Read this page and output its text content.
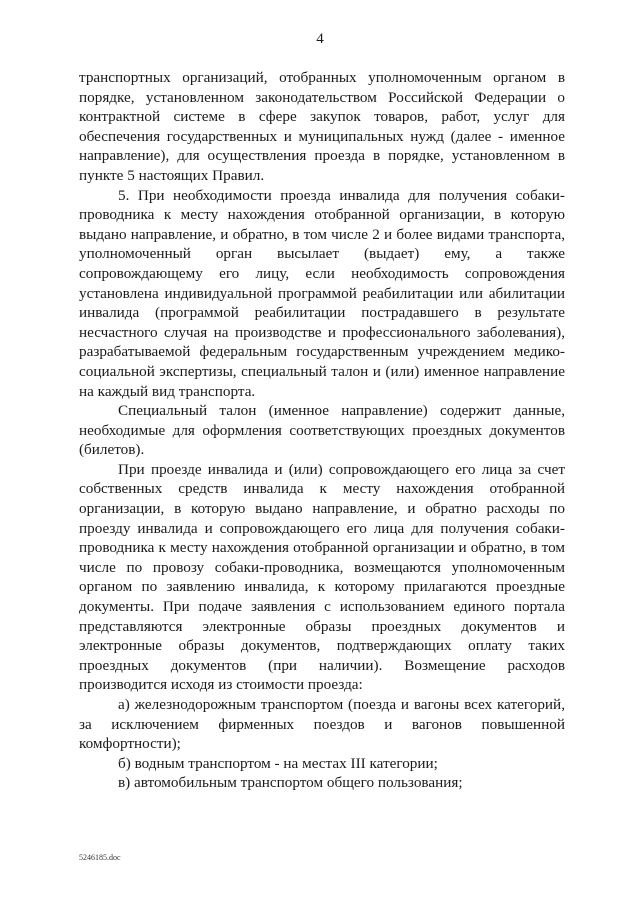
4

транспортных организаций, отобранных уполномоченным органом в порядке, установленном законодательством Российской Федерации о контрактной системе в сфере закупок товаров, работ, услуг для обеспечения государственных и муниципальных нужд (далее - именное направление), для осуществления проезда в порядке, установленном в пункте 5 настоящих Правил.

5. При необходимости проезда инвалида для получения собаки-проводника к месту нахождения отобранной организации, в которую выдано направление, и обратно, в том числе 2 и более видами транспорта, уполномоченный орган высылает (выдает) ему, а также сопровождающему его лицу, если необходимость сопровождения установлена индивидуальной программой реабилитации или абилитации инвалида (программой реабилитации пострадавшего в результате несчастного случая на производстве и профессионального заболевания), разрабатываемой федеральным государственным учреждением медико-социальной экспертизы, специальный талон и (или) именное направление на каждый вид транспорта.

Специальный талон (именное направление) содержит данные, необходимые для оформления соответствующих проездных документов (билетов).

При проезде инвалида и (или) сопровождающего его лица за счет собственных средств инвалида к месту нахождения отобранной организации, в которую выдано направление, и обратно расходы по проезду инвалида и сопровождающего его лица для получения собаки-проводника к месту нахождения отобранной организации и обратно, в том числе по провозу собаки-проводника, возмещаются уполномоченным органом по заявлению инвалида, к которому прилагаются проездные документы. При подаче заявления с использованием единого портала представляются электронные образы проездных документов и электронные образы документов, подтверждающих оплату таких проездных документов (при наличии). Возмещение расходов производится исходя из стоимости проезда:

а) железнодорожным транспортом (поезда и вагоны всех категорий, за исключением фирменных поездов и вагонов повышенной комфортности);

б) водным транспортом - на местах III категории;

в) автомобильным транспортом общего пользования;

5246185.doc
